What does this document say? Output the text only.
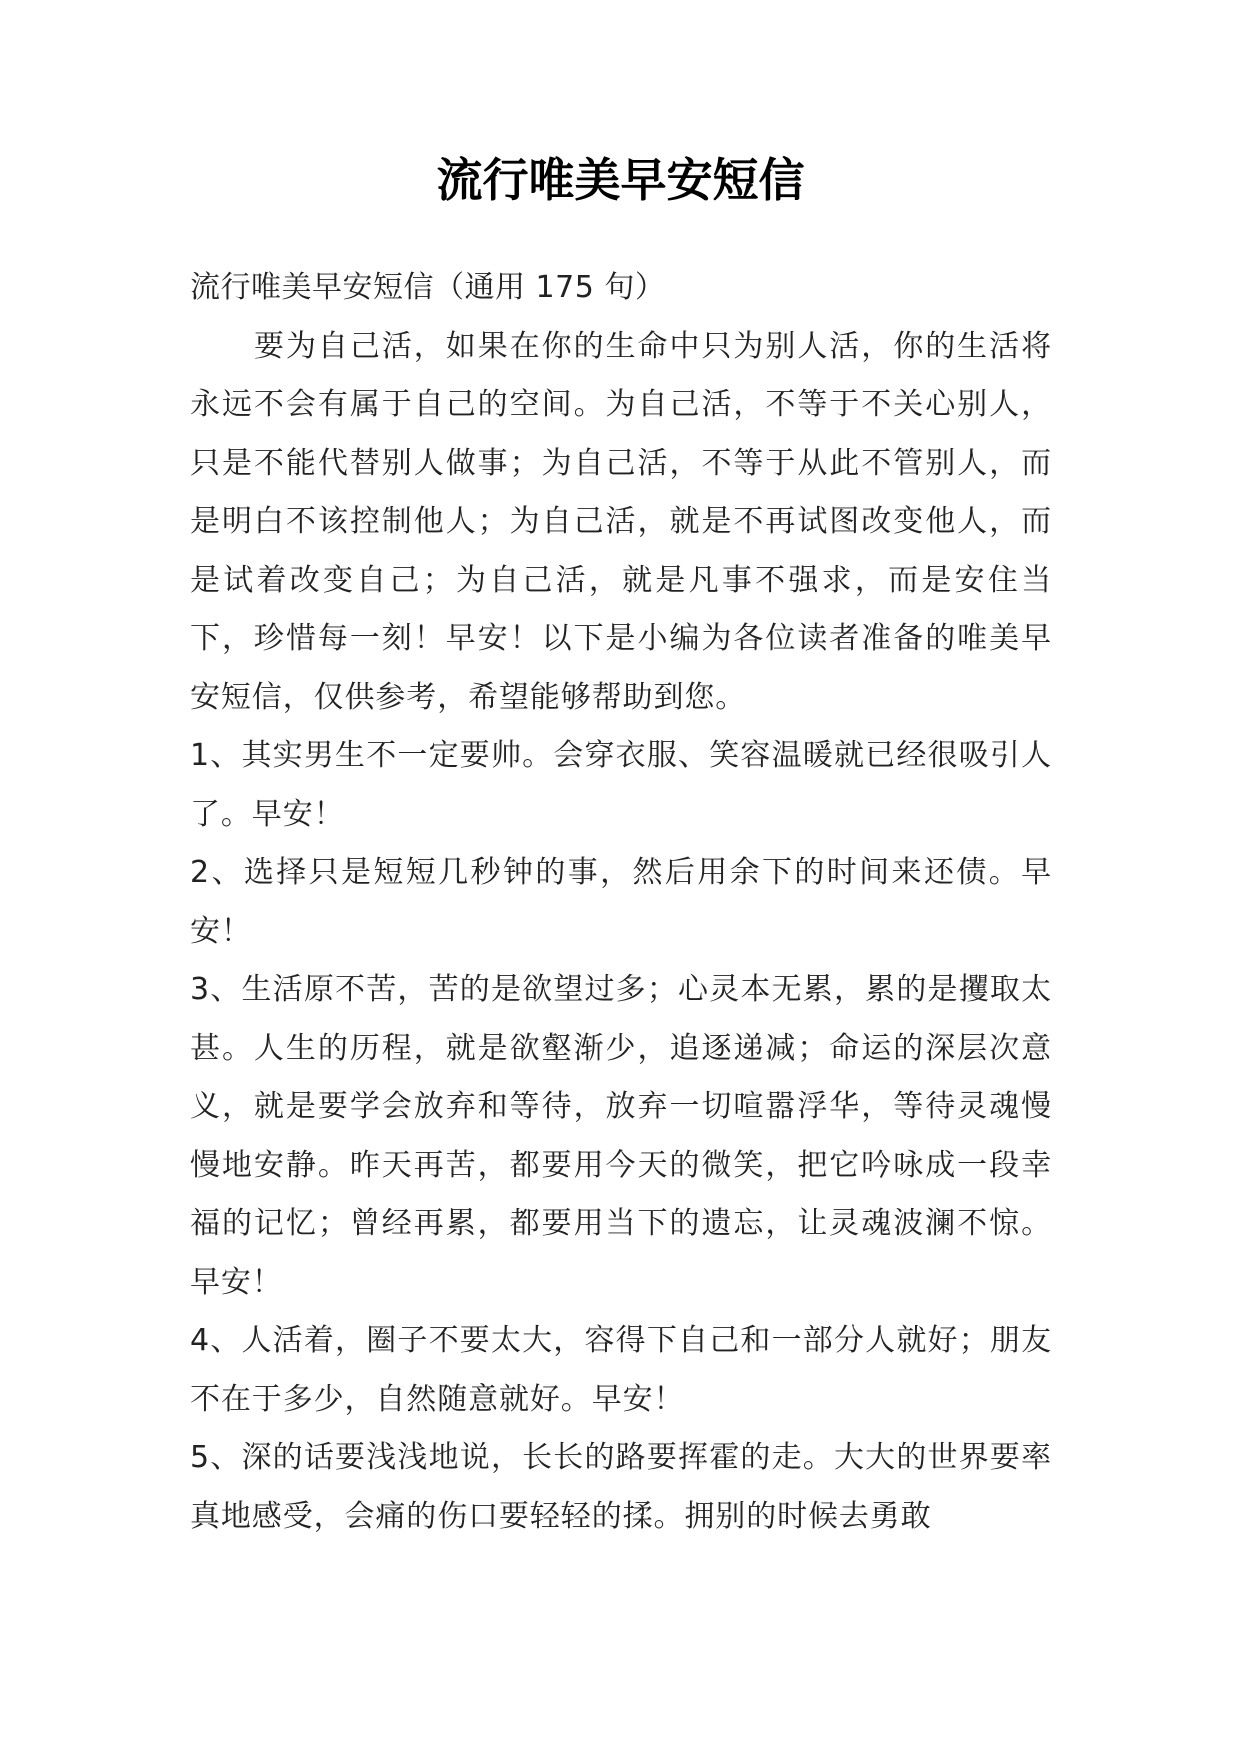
流行唯美早安短信

流行唯美早安短信（通用 175 句）

要为自己活，如果在你的生命中只为别人活，你的生活将永远不会有属于自己的空间。为自己活，不等于不关心别人，只是不能代替别人做事；为自己活，不等于从此不管别人，而是明白不该控制他人；为自己活，就是不再试图改变他人，而是试着改变自己；为自己活，就是凡事不强求，而是安住当下，珍惜每一刻！早安！以下是小编为各位读者准备的唯美早安短信，仅供参考，希望能够帮助到您。

1、其实男生不一定要帅。会穿衣服、笑容温暖就已经很吸引人了。早安！

2、选择只是短短几秒钟的事，然后用余下的时间来还债。早安！

3、生活原不苦，苦的是欲望过多；心灵本无累，累的是攫取太甚。人生的历程，就是欲壑渐少，追逐递减；命运的深层次意义，就是要学会放弃和等待，放弃一切喧嚣浮华，等待灵魂慢慢地安静。昨天再苦，都要用今天的微笑，把它吟咏成一段幸福的记忆；曾经再累，都要用当下的遗忘，让灵魂波澜不惊。早安！

4、人活着，圈子不要太大，容得下自己和一部分人就好；朋友不在于多少，自然随意就好。早安！

5、深的话要浅浅地说，长长的路要挥霍的走。大大的世界要率真地感受，会痛的伤口要轻轻的揉。拥别的时候去勇敢
